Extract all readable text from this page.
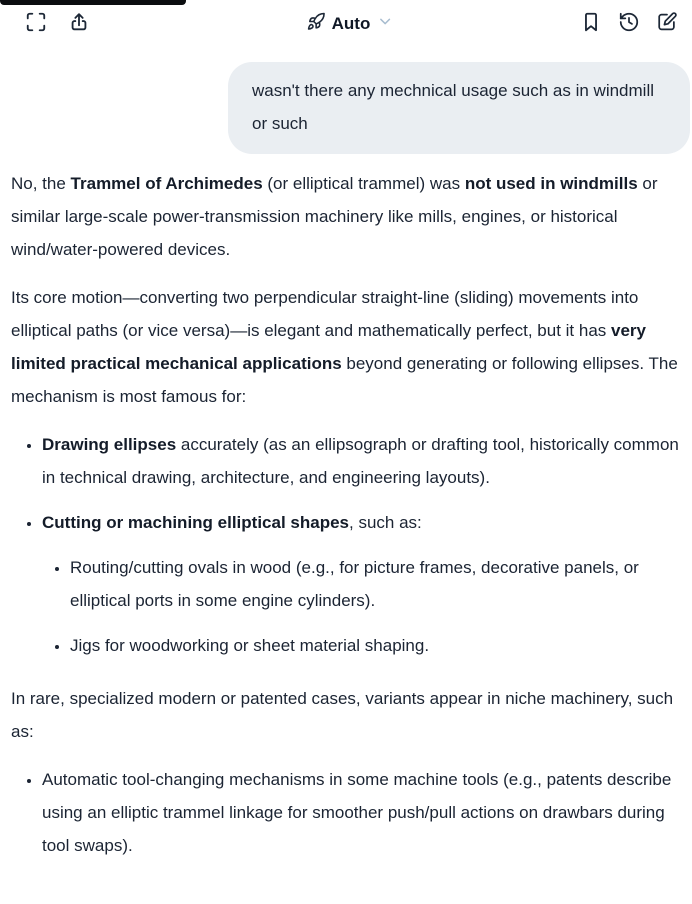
Auto
wasn't there any mechnical usage such as in windmill or such

No, the Trammel of Archimedes (or elliptical trammel) was not used in windmills or similar large-scale power-transmission machinery like mills, engines, or historical wind/water-powered devices.

Its core motion—converting two perpendicular straight-line (sliding) movements into elliptical paths (or vice versa)—is elegant and mathematically perfect, but it has very limited practical mechanical applications beyond generating or following ellipses. The mechanism is most famous for:

• Drawing ellipses accurately (as an ellipsograph or drafting tool, historically common in technical drawing, architecture, and engineering layouts).
• Cutting or machining elliptical shapes, such as:
• Routing/cutting ovals in wood (e.g., for picture frames, decorative panels, or elliptical ports in some engine cylinders).
• Jigs for woodworking or sheet material shaping.

In rare, specialized modern or patented cases, variants appear in niche machinery, such as:

• Automatic tool-changing mechanisms in some machine tools (e.g., patents describe using an elliptic trammel linkage for smoother push/pull actions on drawbars during tool swaps).
